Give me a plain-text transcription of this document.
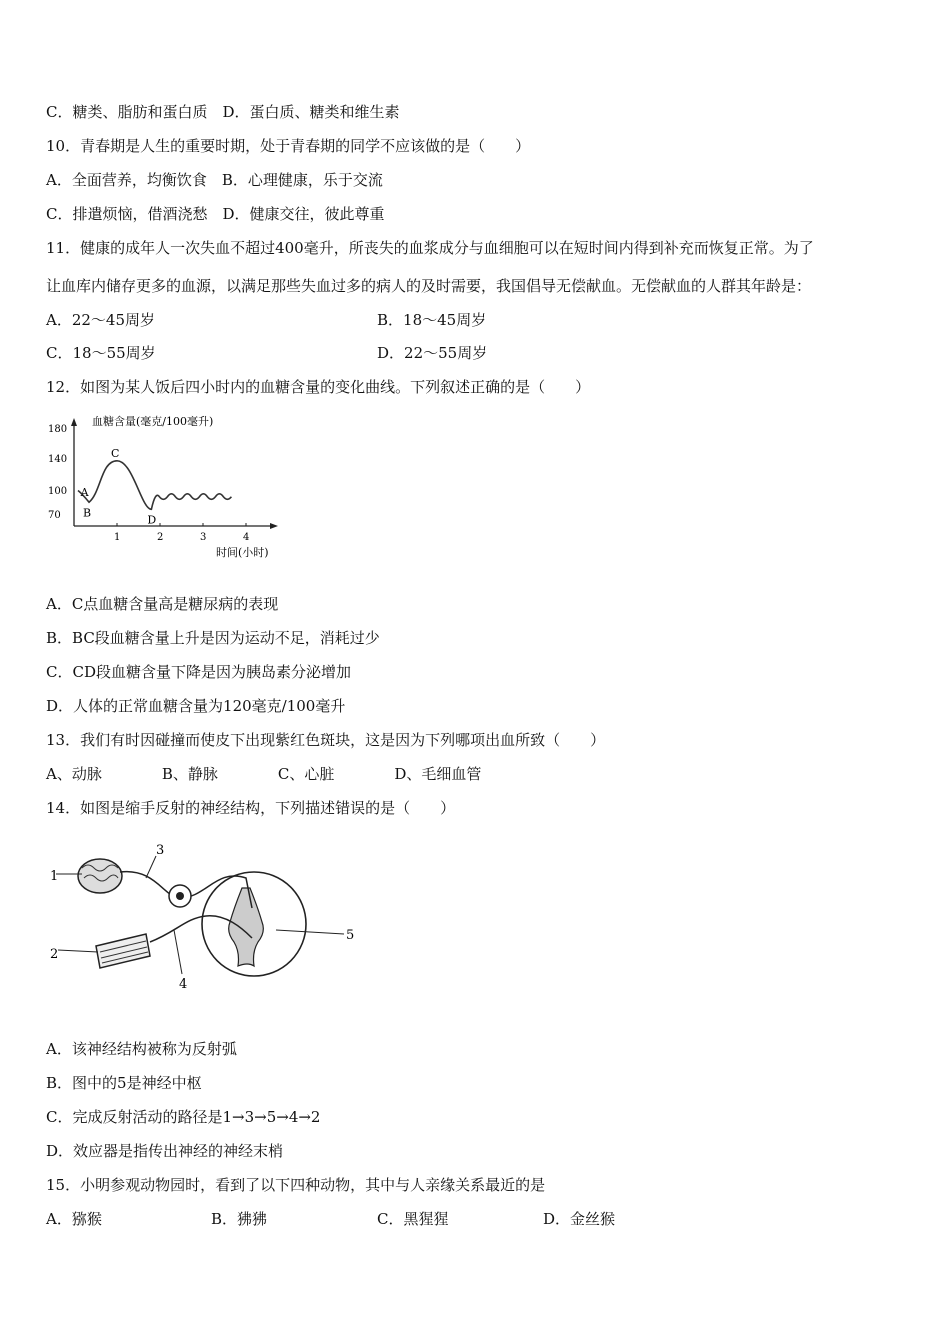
C．糖类、脂肪和蛋白质　D．蛋白质、糖类和维生素
10．青春期是人生的重要时期，处于青春期的同学不应该做的是（　　）
A．全面营养，均衡饮食　B．心理健康，乐于交流
C．排遣烦恼，借酒浇愁　D．健康交往，彼此尊重
11．健康的成年人一次失血不超过400毫升，所丧失的血浆成分与血细胞可以在短时间内得到补充而恢复正常。为了
让血库内储存更多的血源，以满足那些失血过多的病人的及时需要，我国倡导无偿献血。无偿献血的人群其年龄是：
A．22～45周岁	B．18～45周岁
C．18～55周岁	D．22～55周岁
12．如图为某人饭后四小时内的血糖含量的变化曲线。下列叙述正确的是（　　）
血糖含量(毫克/100毫升)
180
140
100
70
1	2	3	4
A
B
C
D
时间(小时)
A．C点血糖含量高是糖尿病的表现
B．BC段血糖含量上升是因为运动不足，消耗过少
C．CD段血糖含量下降是因为胰岛素分泌增加
D．人体的正常血糖含量为120毫克/100毫升
13．我们有时因碰撞而使皮下出现紫红色斑块，这是因为下列哪项出血所致（　　）
A、动脉　　　　B、静脉　　　　C、心脏　　　　D、毛细血管
14．如图是缩手反射的神经结构，下列描述错误的是（　　）
1
2
3
4
5
A．该神经结构被称为反射弧
B．图中的5是神经中枢
C．完成反射活动的路径是1→3→5→4→2
D．效应器是指传出神经的神经末梢
15．小明参观动物园时，看到了以下四种动物，其中与人亲缘关系最近的是
A．猕猴	B．狒狒	C．黑猩猩	D．金丝猴
